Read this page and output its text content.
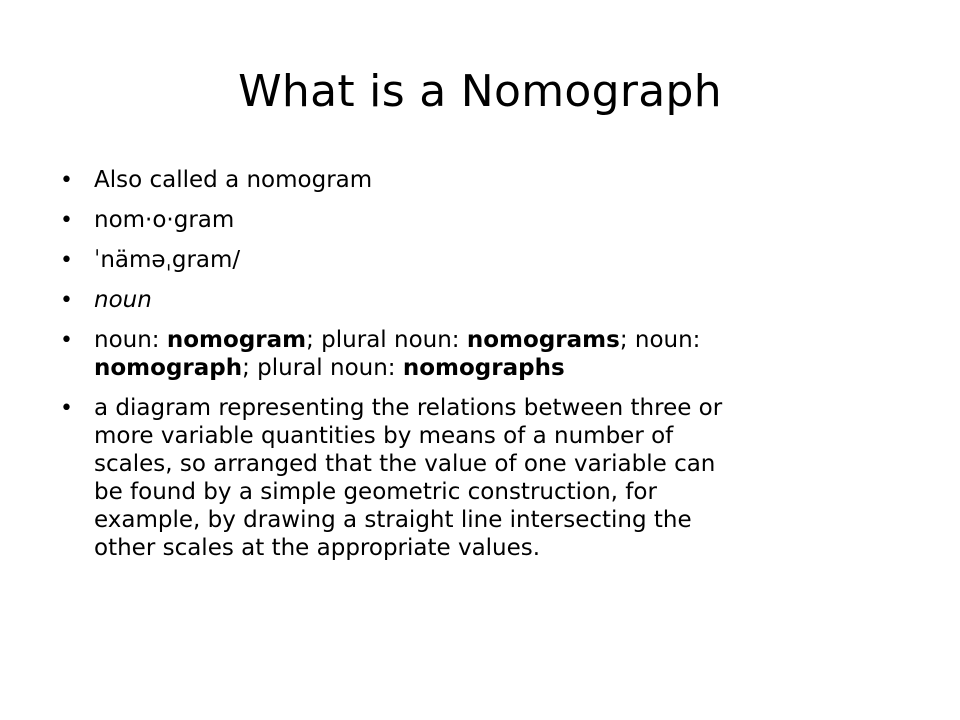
What is a Nomograph
• Also called a nomogram
• nom·o·gram
• ˈnäməˌgram/
• noun
• noun: nomogram; plural noun: nomograms; noun:
nomograph; plural noun: nomographs
• a diagram representing the relations between three or
more variable quantities by means of a number of
scales, so arranged that the value of one variable can
be found by a simple geometric construction, for
example, by drawing a straight line intersecting the
other scales at the appropriate values.
